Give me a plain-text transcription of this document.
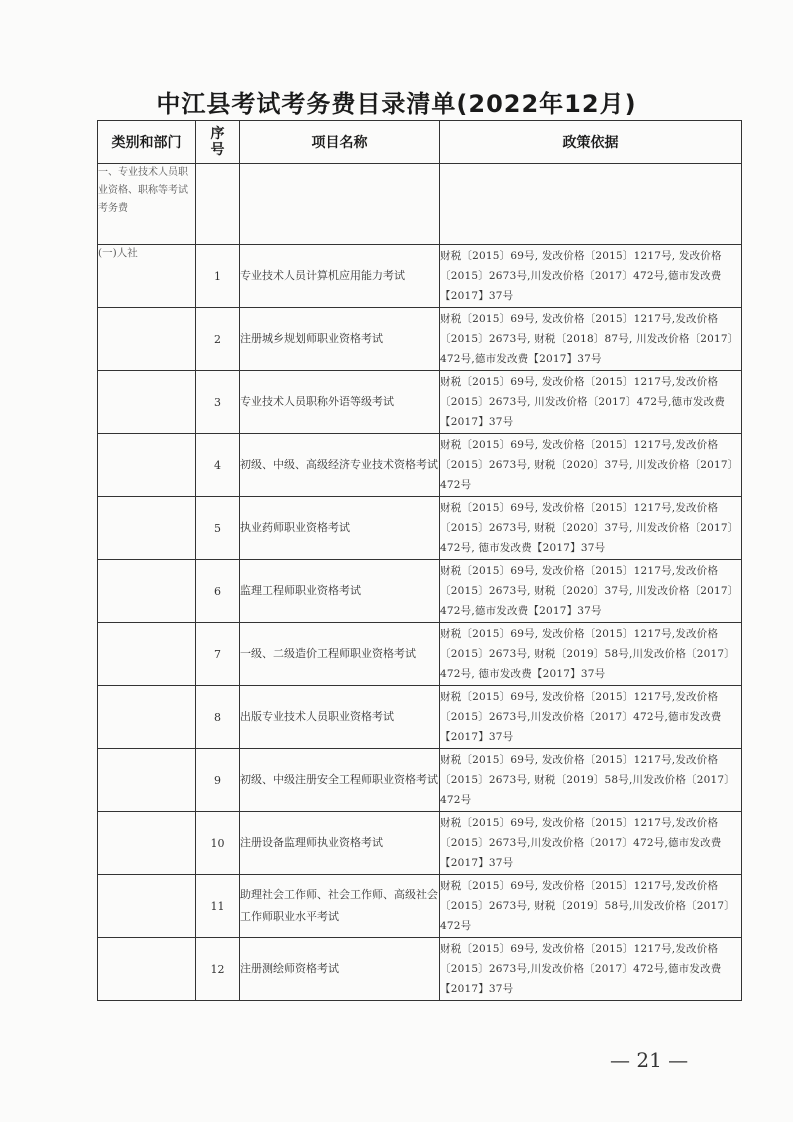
中江县考试考务费目录清单(2022年12月)
类别和部门	序号	项目名称	政策依据
一、专业技术人员职业资格、职称等考试考务费			
(一)人社	1	专业技术人员计算机应用能力考试	财税〔2015〕69号, 发改价格〔2015〕1217号, 发改价格〔2015〕2673号,川发改价格〔2017〕472号,德市发改费【2017】37号
	2	注册城乡规划师职业资格考试	财税〔2015〕69号, 发改价格〔2015〕1217号,发改价格〔2015〕2673号, 财税〔2018〕87号, 川发改价格〔2017〕472号,德市发改费【2017】37号
	3	专业技术人员职称外语等级考试	财税〔2015〕69号, 发改价格〔2015〕1217号,发改价格〔2015〕2673号, 川发改价格〔2017〕472号,德市发改费【2017】37号
	4	初级、中级、高级经济专业技术资格考试	财税〔2015〕69号, 发改价格〔2015〕1217号,发改价格〔2015〕2673号, 财税〔2020〕37号, 川发改价格〔2017〕472号
	5	执业药师职业资格考试	财税〔2015〕69号, 发改价格〔2015〕1217号,发改价格〔2015〕2673号, 财税〔2020〕37号, 川发改价格〔2017〕472号, 德市发改费【2017】37号
	6	监理工程师职业资格考试	财税〔2015〕69号, 发改价格〔2015〕1217号,发改价格〔2015〕2673号, 财税〔2020〕37号, 川发改价格〔2017〕472号,德市发改费【2017】37号
	7	一级、二级造价工程师职业资格考试	财税〔2015〕69号, 发改价格〔2015〕1217号,发改价格〔2015〕2673号, 财税〔2019〕58号,川发改价格〔2017〕472号, 德市发改费【2017】37号
	8	出版专业技术人员职业资格考试	财税〔2015〕69号, 发改价格〔2015〕1217号,发改价格〔2015〕2673号,川发改价格〔2017〕472号,德市发改费【2017】37号
	9	初级、中级注册安全工程师职业资格考试	财税〔2015〕69号, 发改价格〔2015〕1217号,发改价格〔2015〕2673号, 财税〔2019〕58号,川发改价格〔2017〕472号
	10	注册设备监理师执业资格考试	财税〔2015〕69号, 发改价格〔2015〕1217号,发改价格〔2015〕2673号,川发改价格〔2017〕472号,德市发改费【2017】37号
	11	助理社会工作师、社会工作师、高级社会工作师职业水平考试	财税〔2015〕69号, 发改价格〔2015〕1217号,发改价格〔2015〕2673号, 财税〔2019〕58号,川发改价格〔2017〕472号
	12	注册测绘师资格考试	财税〔2015〕69号, 发改价格〔2015〕1217号,发改价格〔2015〕2673号,川发改价格〔2017〕472号,德市发改费【2017】37号
— 21 —
